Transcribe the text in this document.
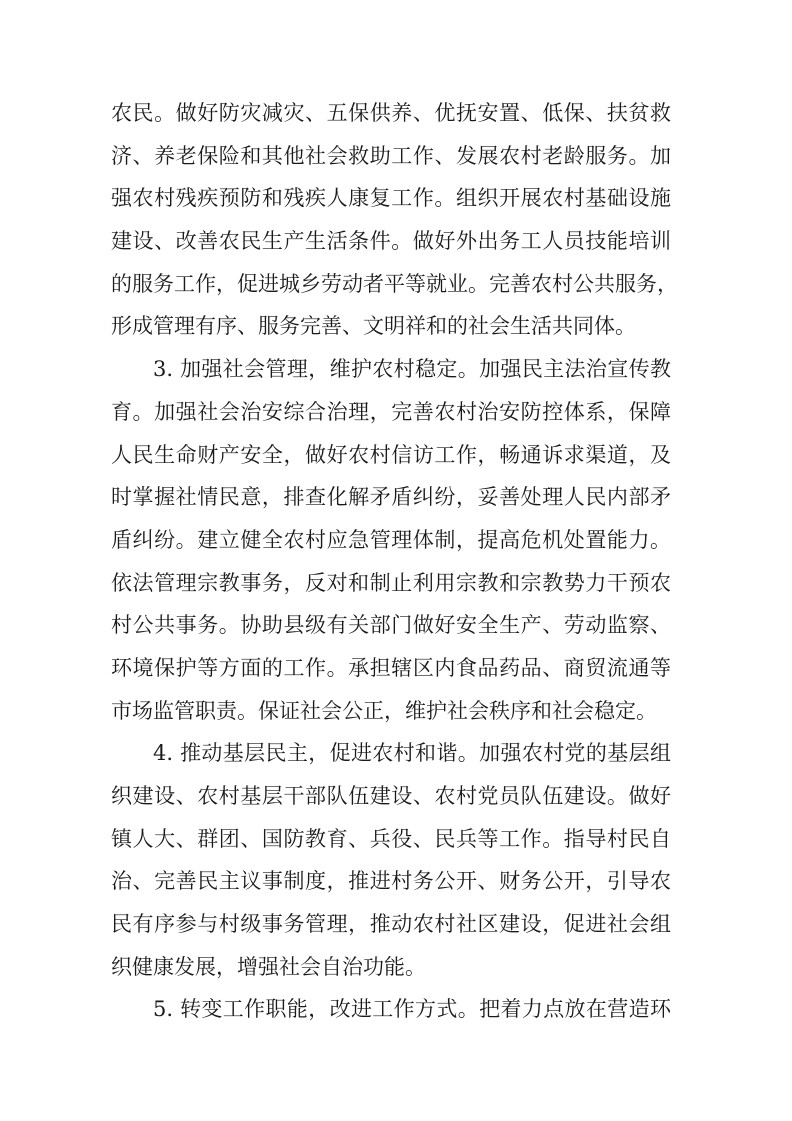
农民。做好防灾减灾、五保供养、优抚安置、低保、扶贫救
济、养老保险和其他社会救助工作、发展农村老龄服务。加
强农村残疾预防和残疾人康复工作。组织开展农村基础设施
建设、改善农民生产生活条件。做好外出务工人员技能培训
的服务工作，促进城乡劳动者平等就业。完善农村公共服务，
形成管理有序、服务完善、文明祥和的社会生活共同体。
3. 加强社会管理，维护农村稳定。加强民主法治宣传教
育。加强社会治安综合治理，完善农村治安防控体系，保障
人民生命财产安全，做好农村信访工作，畅通诉求渠道，及
时掌握社情民意，排查化解矛盾纠纷，妥善处理人民内部矛
盾纠纷。建立健全农村应急管理体制，提高危机处置能力。
依法管理宗教事务，反对和制止利用宗教和宗教势力干预农
村公共事务。协助县级有关部门做好安全生产、劳动监察、
环境保护等方面的工作。承担辖区内食品药品、商贸流通等
市场监管职责。保证社会公正，维护社会秩序和社会稳定。
4. 推动基层民主，促进农村和谐。加强农村党的基层组
织建设、农村基层干部队伍建设、农村党员队伍建设。做好
镇人大、群团、国防教育、兵役、民兵等工作。指导村民自
治、完善民主议事制度，推进村务公开、财务公开，引导农
民有序参与村级事务管理，推动农村社区建设，促进社会组
织健康发展，增强社会自治功能。
5. 转变工作职能，改进工作方式。把着力点放在营造环
